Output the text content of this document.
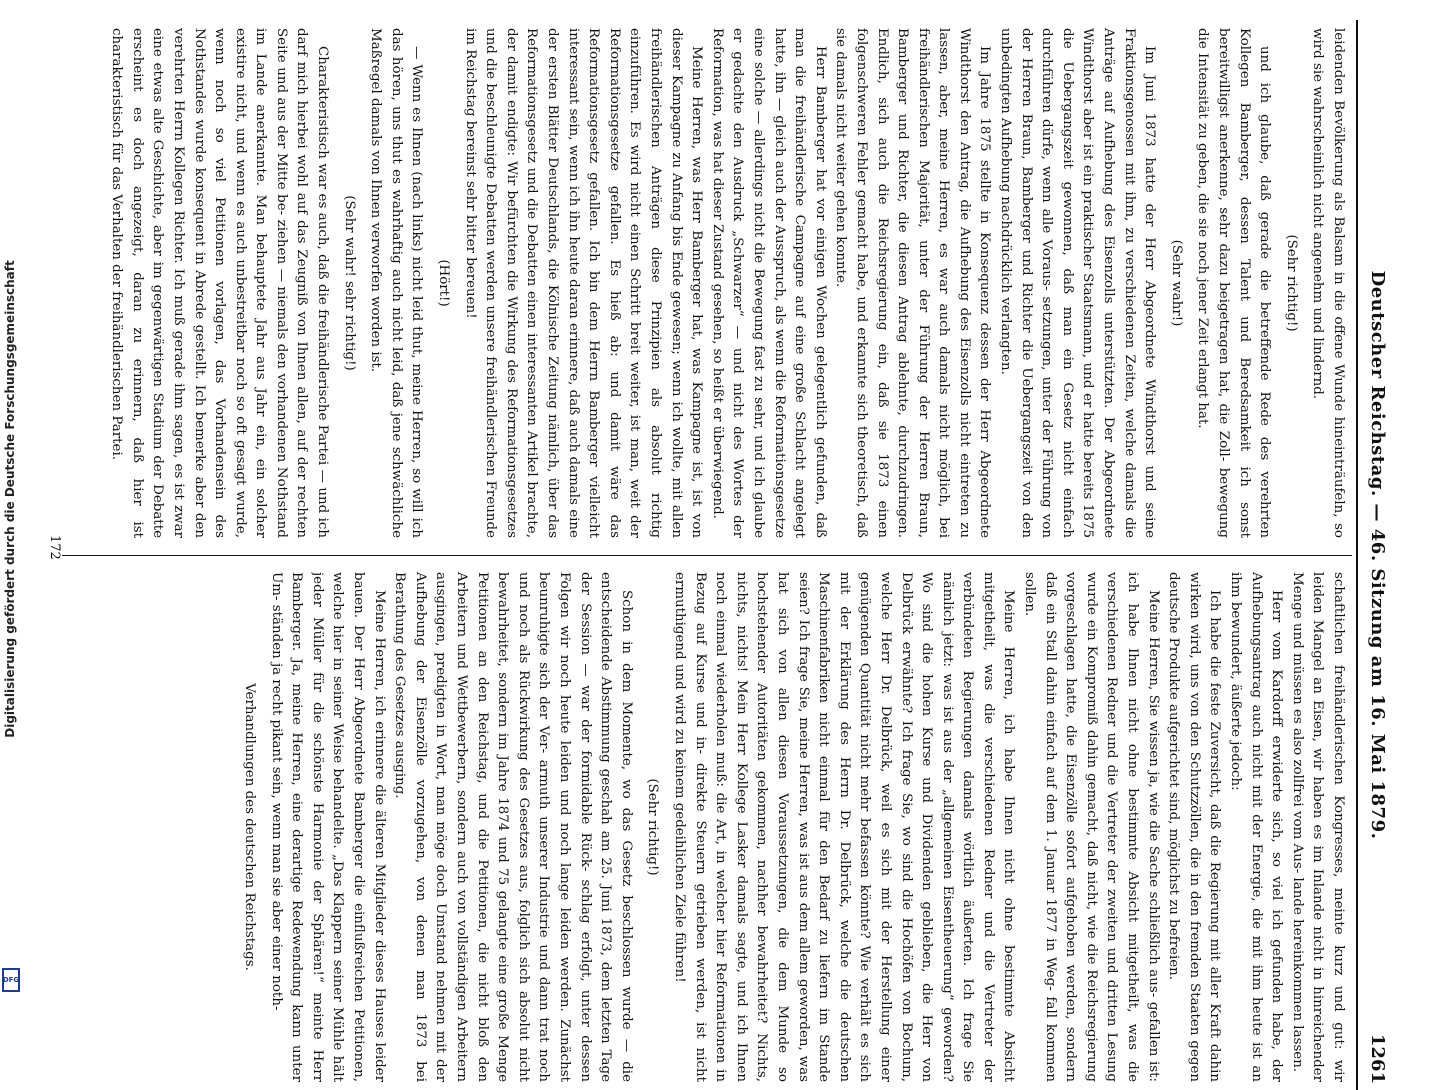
Digitalisierung gefördert durch die Deutsche Forschungsgemeinschaft
DFG
Deutscher Reichstag. — 46. Sitzung am 16. Mai 1879.
1261

leidenden Bevölkerung als Balsam in die offene Wunde hineinträufeln, so wird sie wahrscheinlich nicht angenehm und lindernd.

(Sehr richtig!)

und ich glaube, daß gerade die betreffende Rede des verehrten Kollegen Bamberger, dessen Talent und Beredsamkeit ich sonst bereitwilligst anerkenne, sehr dazu beigetragen hat, die Zoll- bewegung die Intensität zu geben, die sie noch jener Zeit erlangt hat.

(Sehr wahr!)

Im Juni 1873 hatte der Herr Abgeordnete Windthorst und seine Fraktionsgenossen mit ihm, zu verschiedenen Zeiten, welche damals die Anträge auf Aufhebung des Eisenzolls unterstützten. Der Abgeordnete Windthorst aber ist ein praktischer Staatsmann, und er hatte bereits 1875 die Uebergangszeit gewonnen, daß man ein Gesetz nicht einfach durchführen dürfe, wenn alle Voraus- setzungen, unter der Führung von der Herren Braun, Bamberger und Richter die Uebergangszeit von den unbedingten Aufhebung nachdrücklich verlangten.

Im Jahre 1875 stellte in Konsequenz dessen der Herr Abgeordnete Windthorst den Antrag, die Aufhebung des Eisenzolls nicht eintreten zu lassen, aber, meine Herren, es war auch damals nicht möglich, bei freihändlerischen Majorität, unter der Führung der Herren Braun, Bamberger und Richter, die diesen Antrag ablehnte, durchzudringen. Endlich, sich auch die Reichsregierung ein, daß sie 1873 einen folgenschweren Fehler gemacht habe, und erkannte sich theoretisch, daß sie damals nicht weiter gehen konnte.

Herr Bamberger hat vor einigen Wochen gelegentlich gefunden, daß man die freihändlerische Campagne auf eine große Schlacht angelegt hatte, ihn — gleich auch der Ausspruch, als wenn die Reformationsgesetze eine solche — allerdings nicht die Bewegung fast zu sehr, und ich glaube er gedachte den Ausdruck „Schwarzer“ — und nicht des Wortes der Reformation, was hat dieser Zustand gesehen, so heißt er überwiegend.

Meine Herren, was Herr Bamberger hat, was Kampagne ist, ist von dieser Kampagne zu Anfang bis Ende gewesen; wenn ich wollte, mit allen freihändlerischen Anträgen diese Prinzipien als absolut richtig einzuführen. Es wird nicht einen Schritt breit weiter, ist man, weit der Reformationsgesetze gefallen. Es hieß ab: und damit wäre das Reformationsgesetz gefallen. Ich bin dem Herrn Bamberger vielleicht interessant sein, wenn ich ihn heute daran erinnere, daß auch damals eine der ersten Blätter Deutschlands, die Kölnische Zeitung nämlich, über das Reformationsgesetz und die Debatten einen interessanten Artikel brachte, der damit endigte: Wir befürchten die Wirkung des Reformationsgesetzes und die beschleunigte Debatten werden unsere freihändlerischen Freunde im Reichstag bereinst sehr bitter bereuen!

(Hört!)

— Wenn es Ihnen (nach links) nicht leid thut, meine Herren, so will ich das hören, uns thut es wahrhaftig auch nicht leid, daß jene schwächliche Maßregel damals von Ihnen verworfen worden ist.

(Sehr wahr! sehr richtig!)

Charakteristisch war es auch, daß die freihändlerische Partei — und ich darf mich hierbei wohl auf das Zeugniß von Ihnen allen, auf der rechten Seite und aus der Mitte be- ziehen — niemals den vorhandenen Nothstand im Lande anerkannte. Man behauptete Jahr aus Jahr ein, ein solcher existire nicht, und wenn es auch unbestreitbar noch so oft gesagt wurde, wenn noch so viel Petitionen vorlagen, das Vorhandensein des Nothstandes wurde konsequent in Abrede gestellt. Ich bemerke aber den verehrten Herrn Kollegen Richter. Ich muß gerade ihm sagen, es ist zwar eine etwas alte Geschichte, aber im gegenwärtigen Stadium der Debatte erscheint es doch angezeigt, daran zu erinnern, daß hier ist charakteristisch für das Verhalten der freihändlerischen Partei.

schaftlichen freihändlerischen Kongresses, meinte kurz und gut: wir leiden Mangel an Eisen, wir haben es im Inlande nicht in hinreichender Menge und müssen es also zollfrei vom Aus- lande hereinkommen lassen.

Herr vom Kardorff erwiderte sich, so viel ich gefunden habe, der Aufhebungsantrag auch nicht mit der Energie, die mit ihm heute ist an ihm bewundert, äußerte jedoch:

Ich habe die feste Zuversicht, daß die Regierung mit aller Kraft dahin wirken wird, uns von den Schutzzöllen, die in den fremden Staaten gegen deutsche Produkte aufgerichtet sind, möglichst zu befreien.

Meine Herren, Sie wissen ja, wie die Sache schließlich aus- gefallen ist: ich habe Ihnen nicht ohne bestimmte Absicht mitgetheilt, was die verschiedenen Redner und die Vertreter der zweiten und dritten Lesung wurde ein Kompromiß dahin gemacht, daß nicht, wie die Reichsregierung vorgeschlagen hatte, die Eisenzölle sofort aufgehoben werden, sondern daß ein Stall dahin einfach auf dem 1. Januar 1877 in Weg- fall kommen sollen.

Meine Herren, ich habe Ihnen nicht ohne bestimmte Absicht mitgetheilt, was die verschiedenen Redner und die Vertreter der verbündeten Regierungen damals wörtlich äußerten. Ich frage Sie nämlich jetzt: was ist aus der „allgemeinen Eisentheuerung“ geworden? Wo sind die hohen Kurse und Dividenden geblieben, die Herr von Delbrück erwähnte? Ich frage Sie, wo sind die Hochöfen von Bochum, welche Herr Dr. Delbrück, weil es sich mit der Herstellung einer genügenden Quantität nicht mehr befassen könnte? Wie verhält es sich mit der Erklärung des Herrn Dr. Delbrück, welche die deutschen Maschinenfabriken nicht einmal für den Bedarf zu liefern im Stande seien? Ich frage Sie, meine Herren, was ist aus dem allem geworden, was hat sich von allen diesen Voraussetzungen, die dem Munde so hochstehender Autoritäten gekommen, nachher bewahrheitet? Nichts, nichts, nichts! Mein Herr Kollege Lasker damals sagte, und ich Ihnen noch einmal wiederholen muß: die Art, in welcher hier Reformationen in Bezug auf Kurse und in- direkte Steuern getrieben werden, ist nicht ermuthigend und wird zu keinem gedeihlichen Ziele führen!

(Sehr richtig!)

Schon in dem Momente, wo das Gesetz beschlossen wurde — die entscheidende Abstimmung geschah am 25. Juni 1873, dem letzten Tage der Session — war der formidable Rück- schlag erfolgt, unter dessen Folgen wir noch heute leiden und noch lange leiden werden. Zunächst beunruhigte sich der Ver- armuth unserer Industrie und dann trat noch und noch als Rückwirkung des Gesetzes aus, folglich sich absolut nicht bewahrheitet, sondern im Jahre 1874 und 75 gelangte eine große Menge Petitionen an den Reichstag, und die Petitionen, die nicht bloß den Arbeitern und Wettbewerbern, sondern auch von vollständigen Arbeitern ausgingen, predigten in Wort, man möge doch Umstand nehmen mit der Aufhebung der Eisenzölle vorzugehen, von denen man 1873 bei Berathung des Gesetzes ausging.

Meine Herren, ich erinnere die älteren Mitglieder dieses Hauses leider bauen. Der Herr Abgeordnete Bamberger die einflußreichen Petitionen, welche hier in seiner Weise behandelte. „Das Klappern seiner Mühle hält jeder Müller für die schönste Harmonie der Sphären!“ meinte Herr Bamberger. Ja, meine Herren, eine derartige Redewendung kann unter Um- ständen ja recht pikant sein, wenn man sie aber einer noth-

Verhandlungen des deutschen Reichstags.

172
